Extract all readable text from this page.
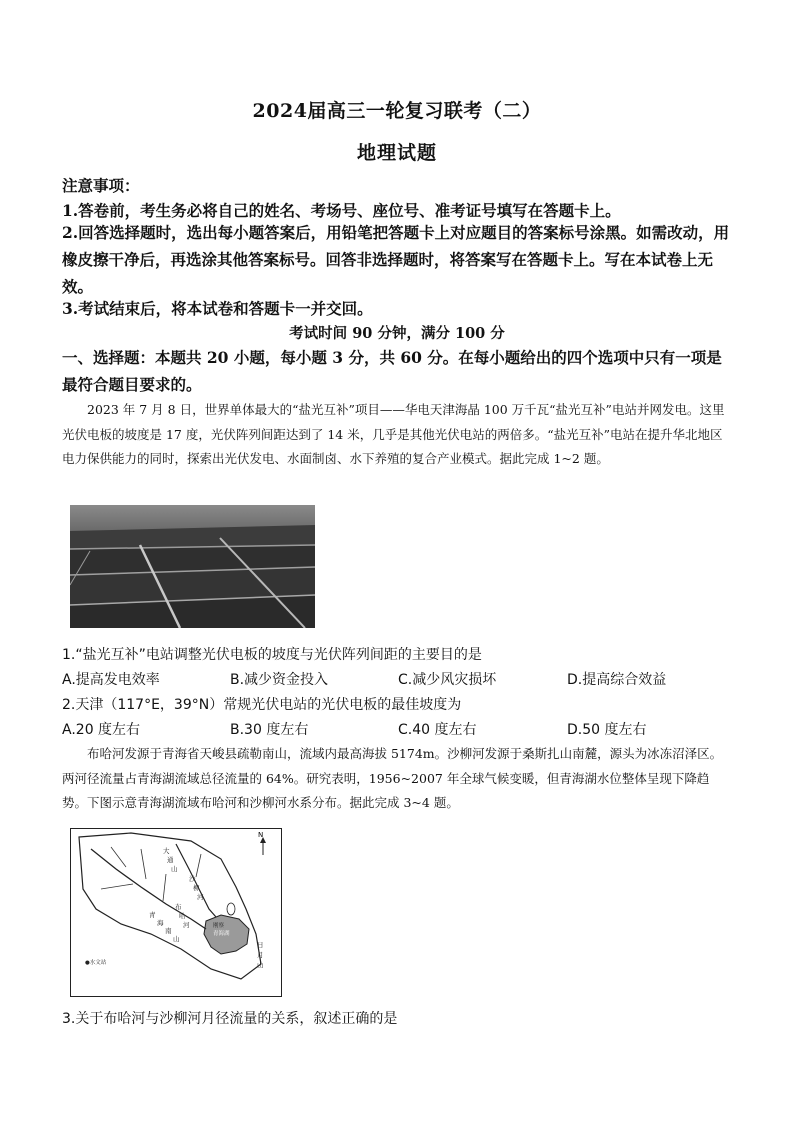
2024届高三一轮复习联考（二）
地理试题
注意事项：
1.答卷前，考生务必将自己的姓名、考场号、座位号、准考证号填写在答题卡上。
2.回答选择题时，选出每小题答案后，用铅笔把答题卡上对应题目的答案标号涂黑。如需改动，用橡皮擦干净后，再选涂其他答案标号。回答非选择题时，将答案写在答题卡上。写在本试卷上无效。
3.考试结束后，将本试卷和答题卡一并交回。
考试时间 90 分钟，满分 100 分
一、选择题：本题共 20 小题，每小题 3 分，共 60 分。在每小题给出的四个选项中只有一项是最符合题目要求的。
2023 年 7 月 8 日，世界单体最大的“盐光互补”项目——华电天津海晶 100 万千瓦“盐光互补”电站并网发电。这里光伏电板的坡度是 17 度，光伏阵列间距达到了 14 米，几乎是其他光伏电站的两倍多。“盐光互补”电站在提升华北地区电力保供能力的同时，探索出光伏发电、水面制卤、水下养殖的复合产业模式。据此完成 1~2 题。
1.“盐光互补”电站调整光伏电板的坡度与光伏阵列间距的主要目的是
A.提高发电效率	B.减少资金投入	C.减少风灾损坏	D.提高综合效益
2.天津（117°E，39°N）常规光伏电站的光伏电板的最佳坡度为
A.20 度左右	B.30 度左右	C.40 度左右	D.50 度左右
布哈河发源于青海省天峻县疏勒南山，流域内最高海拔 5174m。沙柳河发源于桑斯扎山南麓，源头为冰冻沼泽区。两河径流量占青海湖流域总径流量的 64%。研究表明，1956~2007 年全球气候变暖，但青海湖水位整体呈现下降趋势。下图示意青海湖流域布哈河和沙柳河水系分布。据此完成 3~4 题。
N
大
通
山
沙
柳
河
青
海
南
山
布
哈
河
日
月
山
刚察
青海湖
●水文站
3.关于布哈河与沙柳河月径流量的关系，叙述正确的是
